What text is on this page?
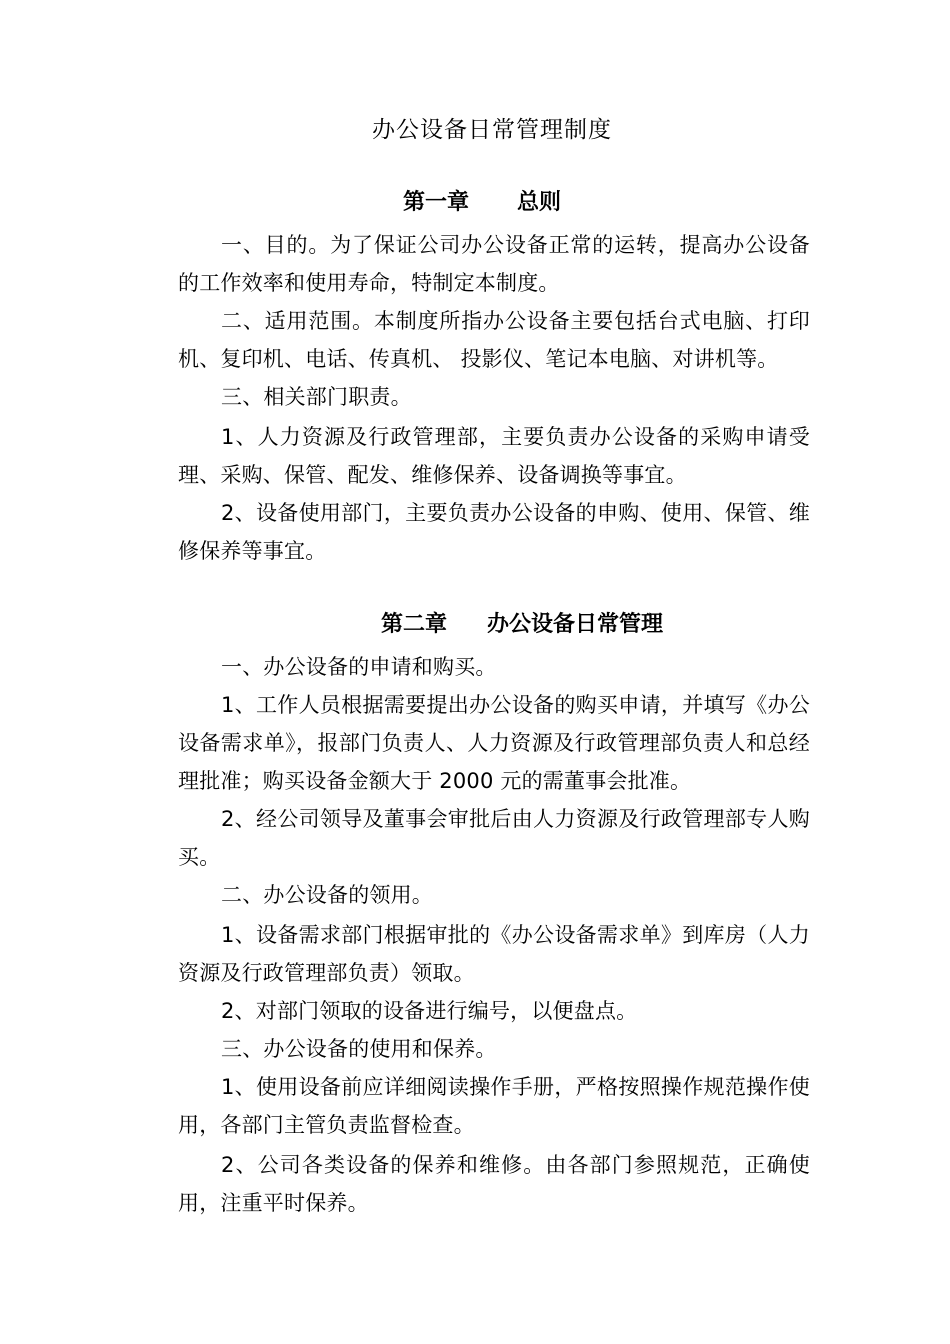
办公设备日常管理制度
第一章 总则

一、目的。为了保证公司办公设备正常的运转，提高办公设备的工作效率和使用寿命，特制定本制度。

二、适用范围。本制度所指办公设备主要包括台式电脑、打印机、复印机、电话、传真机、 投影仪、笔记本电脑、对讲机等。

三、相关部门职责。

1、人力资源及行政管理部，主要负责办公设备的采购申请受理、采购、保管、配发、维修保养、设备调换等事宜。

2、设备使用部门，主要负责办公设备的申购、使用、保管、维修保养等事宜。

第二章 办公设备日常管理

一、办公设备的申请和购买。

1、工作人员根据需要提出办公设备的购买申请，并填写《办公设备需求单》，报部门负责人、人力资源及行政管理部负责人和总经理批准；购买设备金额大于 2000 元的需董事会批准。

2、经公司领导及董事会审批后由人力资源及行政管理部专人购买。

二、办公设备的领用。

1、设备需求部门根据审批的《办公设备需求单》到库房（人力资源及行政管理部负责）领取。

2、对部门领取的设备进行编号，以便盘点。

三、办公设备的使用和保养。

1、使用设备前应详细阅读操作手册，严格按照操作规范操作使用，各部门主管负责监督检查。

2、公司各类设备的保养和维修。由各部门参照规范，正确使用，注重平时保养。
